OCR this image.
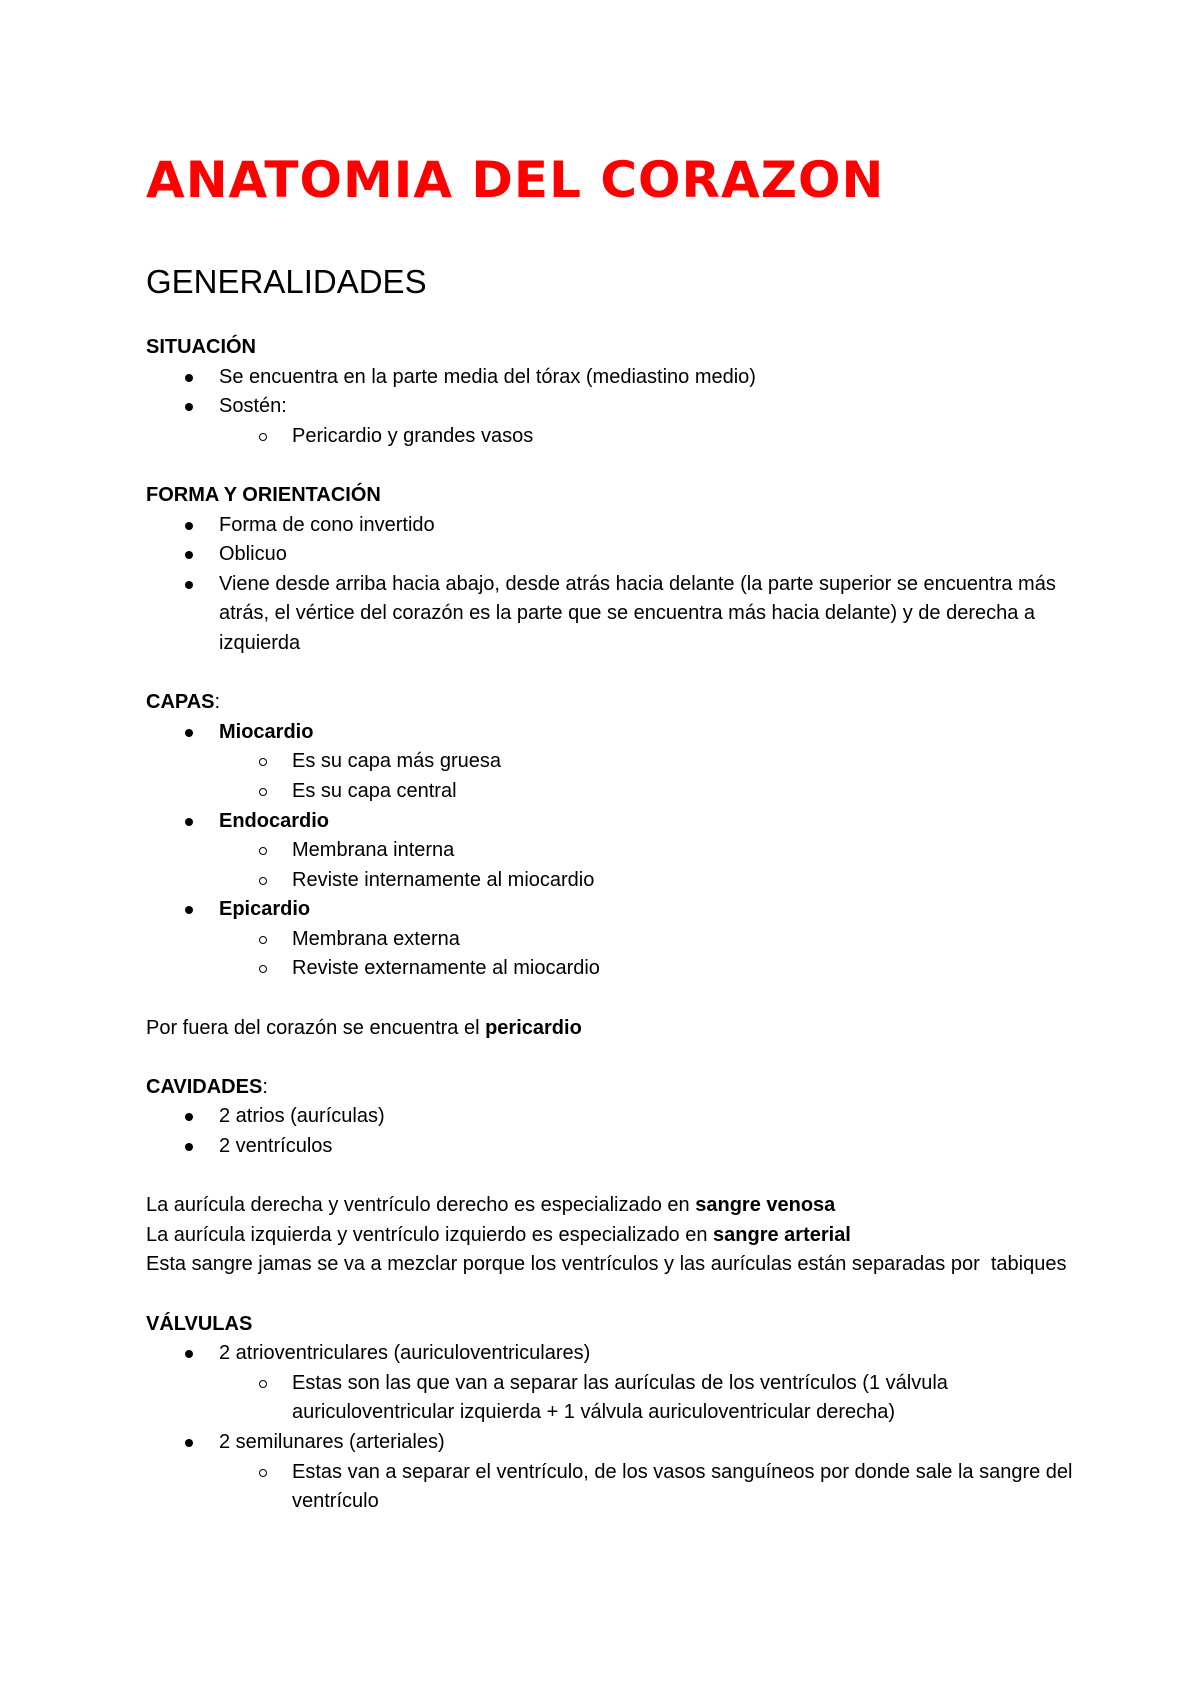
ANATOMIA DEL CORAZON
GENERALIDADES
SITUACIÓN
Se encuentra en la parte media del tórax (mediastino medio)
Sostén:
Pericardio y grandes vasos
FORMA Y ORIENTACIÓN
Forma de cono invertido
Oblicuo
Viene desde arriba hacia abajo, desde atrás hacia delante (la parte superior se encuentra más atrás, el vértice del corazón es la parte que se encuentra más hacia delante) y de derecha a izquierda
CAPAS:
Miocardio
Es su capa más gruesa
Es su capa central
Endocardio
Membrana interna
Reviste internamente al miocardio
Epicardio
Membrana externa
Reviste externamente al miocardio
Por fuera del corazón se encuentra el pericardio
CAVIDADES:
2 atrios (aurículas)
2 ventrículos
La aurícula derecha y ventrículo derecho es especializado en sangre venosa
La aurícula izquierda y ventrículo izquierdo es especializado en sangre arterial
Esta sangre jamas se va a mezclar porque los ventrículos y las aurículas están separadas por  tabiques
VÁLVULAS
2 atrioventriculares (auriculoventriculares)
Estas son las que van a separar las aurículas de los ventrículos (1 válvula auriculoventricular izquierda + 1 válvula auriculoventricular derecha)
2 semilunares (arteriales)
Estas van a separar el ventrículo, de los vasos sanguíneos por donde sale la sangre del ventrículo
